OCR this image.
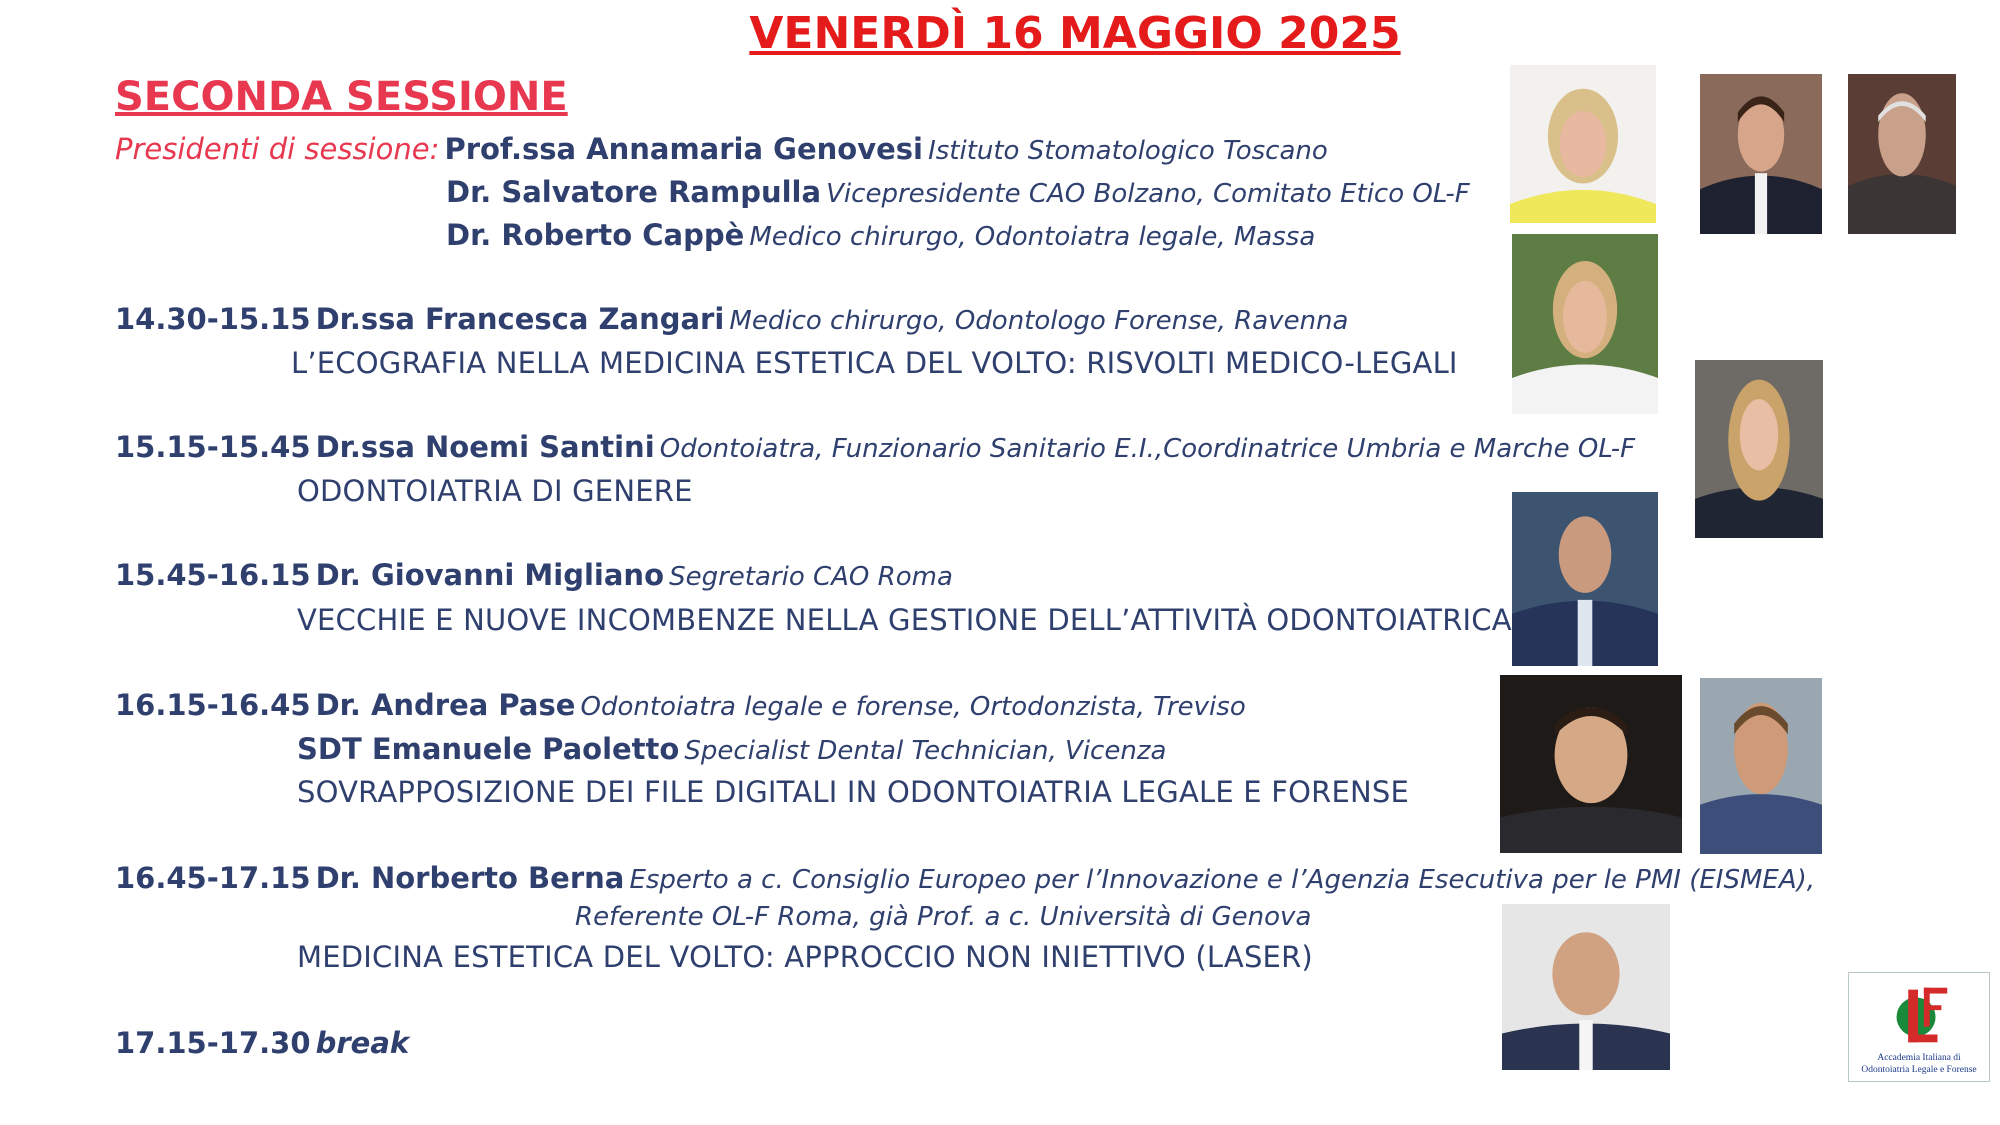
VENERDÌ 16 MAGGIO 2025
SECONDA SESSIONE
Presidenti di sessione: Prof.ssa Annamaria Genovesi Istituto Stomatologico Toscano
Dr. Salvatore Rampulla Vicepresidente CAO Bolzano, Comitato Etico OL-F
Dr. Roberto Cappè Medico chirurgo, Odontoiatra legale, Massa
14.30-15.15 Dr.ssa Francesca Zangari Medico chirurgo, Odontologo Forense, Ravenna
L’ECOGRAFIA NELLA MEDICINA ESTETICA DEL VOLTO: RISVOLTI MEDICO-LEGALI
15.15-15.45 Dr.ssa Noemi Santini Odontoiatra, Funzionario Sanitario E.I.,Coordinatrice Umbria e Marche OL-F
ODONTOIATRIA DI GENERE
15.45-16.15 Dr. Giovanni Migliano Segretario CAO Roma
VECCHIE E NUOVE INCOMBENZE NELLA GESTIONE DELL’ATTIVITÀ ODONTOIATRICA
16.15-16.45 Dr. Andrea Pase Odontoiatra legale e forense, Ortodonzista, Treviso
SDT Emanuele Paoletto Specialist Dental Technician, Vicenza
SOVRAPPOSIZIONE DEI FILE DIGITALI IN ODONTOIATRIA LEGALE E FORENSE
16.45-17.15 Dr. Norberto Berna Esperto a c. Consiglio Europeo per l’Innovazione e l’Agenzia Esecutiva per le PMI (EISMEA),
Referente OL-F Roma, già Prof. a c. Università di Genova
MEDICINA ESTETICA DEL VOLTO: APPROCCIO NON INIETTIVO (LASER)
17.15-17.30 break	Accademia Italiana di
Odontoiatria Legale e Forense
